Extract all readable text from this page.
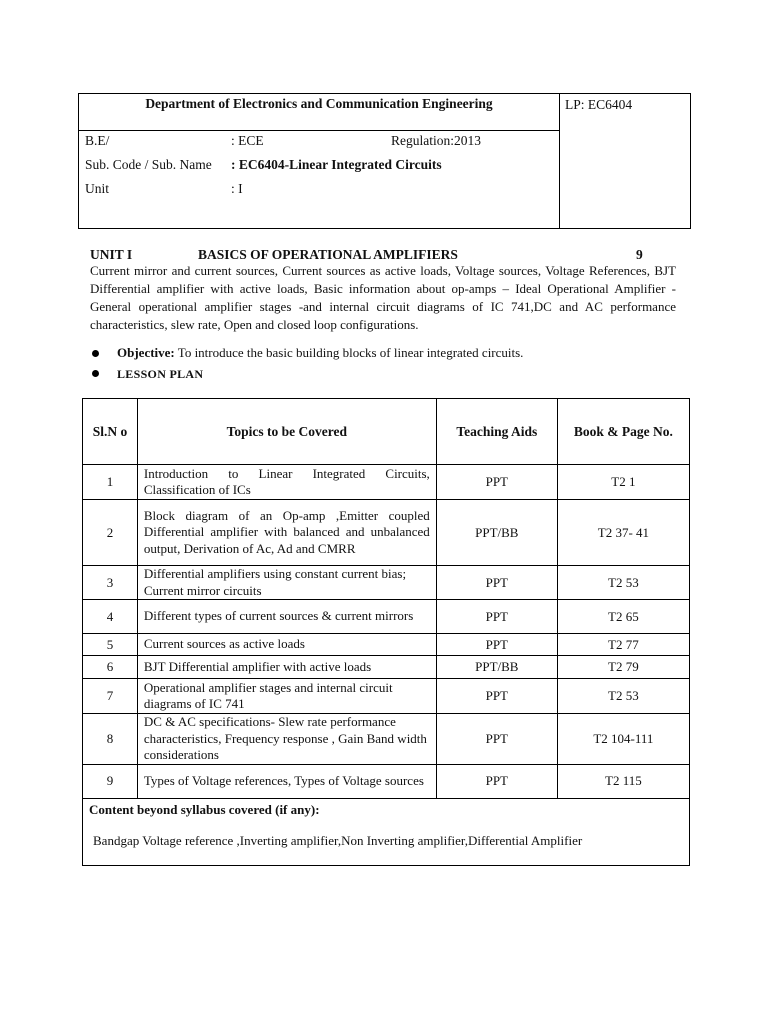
Department of Electronics and Communication Engineering
B.E/	: ECE	Regulation:2013
Sub. Code / Sub. Name : EC6404-Linear Integrated Circuits
Unit	: I
LP: EC6404
UNIT I	BASICS OF OPERATIONAL AMPLIFIERS	9
Current mirror and current sources, Current sources as active loads, Voltage sources, Voltage References, BJT Differential amplifier with active loads, Basic information about op-amps – Ideal Operational Amplifier - General operational amplifier stages -and internal circuit diagrams of IC 741,DC and AC performance characteristics, slew rate, Open and closed loop configurations.
Objective: To introduce the basic building blocks of linear integrated circuits.
LESSON PLAN
Sl.N o	Topics to be Covered	Teaching Aids	Book & Page No.
1	Introduction to Linear Integrated Circuits, Classification of ICs	PPT	T2 1
2	Block diagram of an Op-amp ,Emitter coupled Differential amplifier with balanced and unbalanced output, Derivation of Ac, Ad and CMRR	PPT/BB	T2 37- 41
3	Differential amplifiers using constant current bias; Current mirror circuits	PPT	T2 53
4	Different types of current sources & current mirrors	PPT	T2 65
5	Current sources as active loads	PPT	T2 77
6	BJT Differential amplifier with active loads	PPT/BB	T2 79
7	Operational amplifier stages and internal circuit diagrams of IC 741	PPT	T2 53
8	DC & AC specifications- Slew rate performance characteristics, Frequency response , Gain Band width considerations	PPT	T2 104-111
9	Types of Voltage references, Types of Voltage sources	PPT	T2 115

Content beyond syllabus covered (if any):
Bandgap Voltage reference ,Inverting amplifier,Non Inverting amplifier,Differential Amplifier			
